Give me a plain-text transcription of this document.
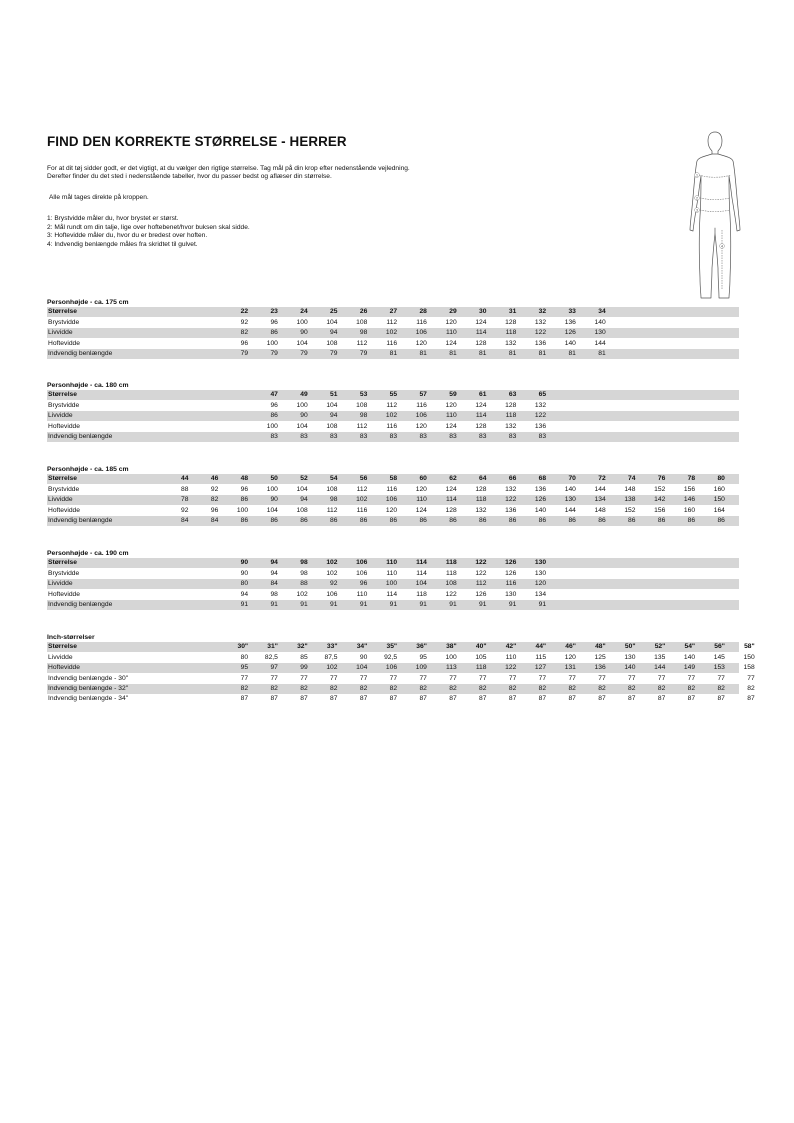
FIND DEN KORREKTE STØRRELSE - HERRER
For at dit tøj sidder godt, er det vigtigt, at du vælger den rigtige størrelse. Tag mål på din krop efter nedenstående vejledning.
Derefter finder du det sted i nedenstående tabeller, hvor du passer bedst og aflæser din størrelse.
Alle mål tages direkte på kroppen.
1: Brystvidde måler du, hvor brystet er størst.
2: Mål rundt om din talje, lige over hoftebenet/hvor buksen skal sidde.
3: Hoftevidde måler du, hvor du er bredest over hoften.
4: Indvendig benlængde måles fra skridtet til gulvet.
1
2
3
4
Personhøjde - ca. 175 cm
Størrelse	22	23	24	25	26	27	28	29	30	31	32	33	34
Brystvidde	92	96	100	104	108	112	116	120	124	128	132	136	140
Livvidde	82	86	90	94	98	102	106	110	114	118	122	126	130
Hoftevidde	96	100	104	108	112	116	120	124	128	132	136	140	144
Indvendig benlængde	79	79	79	79	79	81	81	81	81	81	81	81	81
Personhøjde - ca. 180 cm
Størrelse	47	49	51	53	55	57	59	61	63	65
Brystvidde	96	100	104	108	112	116	120	124	128	132
Livvidde	86	90	94	98	102	106	110	114	118	122
Hoftevidde	100	104	108	112	116	120	124	128	132	136
Indvendig benlængde	83	83	83	83	83	83	83	83	83	83
Personhøjde - ca. 185 cm
Størrelse	44	46	48	50	52	54	56	58	60	62	64	66	68	70	72	74	76	78	80
Brystvidde	88	92	96	100	104	108	112	116	120	124	128	132	136	140	144	148	152	156	160
Livvidde	78	82	86	90	94	98	102	106	110	114	118	122	126	130	134	138	142	146	150
Hoftevidde	92	96	100	104	108	112	116	120	124	128	132	136	140	144	148	152	156	160	164
Indvendig benlængde	84	84	86	86	86	86	86	86	86	86	86	86	86	86	86	86	86	86	86
Personhøjde - ca. 190 cm
Størrelse	90	94	98	102	106	110	114	118	122	126	130
Brystvidde	90	94	98	102	106	110	114	118	122	126	130
Livvidde	80	84	88	92	96	100	104	108	112	116	120
Hoftevidde	94	98	102	106	110	114	118	122	126	130	134
Indvendig benlængde	91	91	91	91	91	91	91	91	91	91	91
Inch-størrelser
Størrelse	30"	31"	32"	33"	34"	35"	36"	38"	40"	42"	44"	46"	48"	50"	52"	54"	56"	58"
Livvidde	80	82,5	85	87,5	90	92,5	95	100	105	110	115	120	125	130	135	140	145	150
Hoftevidde	95	97	99	102	104	106	109	113	118	122	127	131	136	140	144	149	153	158
Indvendig benlængde - 30"	77	77	77	77	77	77	77	77	77	77	77	77	77	77	77	77	77	77
Indvendig benlængde - 32"	82	82	82	82	82	82	82	82	82	82	82	82	82	82	82	82	82	82
Indvendig benlængde - 34"	87	87	87	87	87	87	87	87	87	87	87	87	87	87	87	87	87	87
